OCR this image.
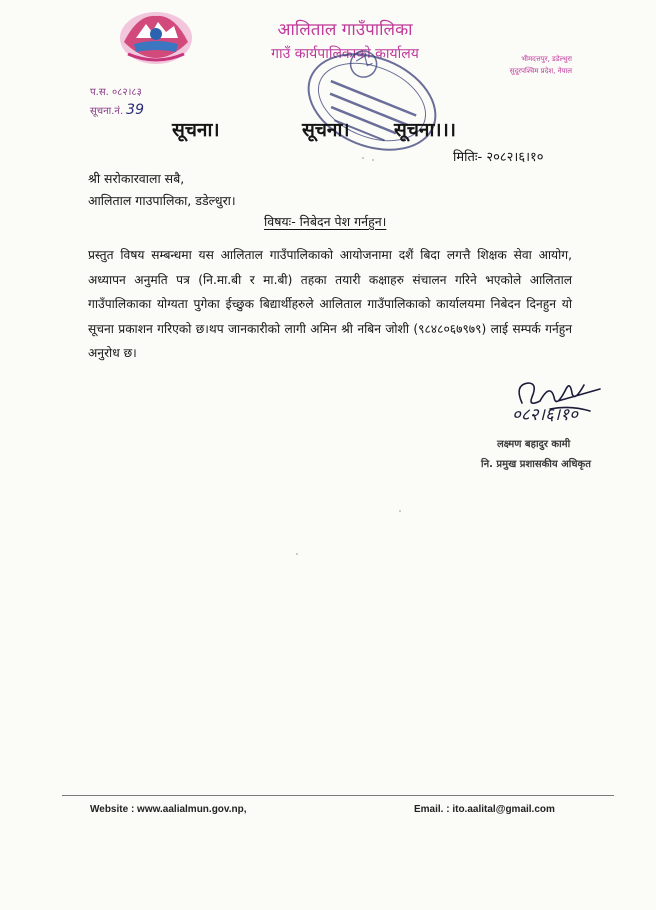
आलिताल गाउँपालिका
गाउँ कार्यपालिकाको कार्यालय	भीमदत्तपुर, डडेल्धुरा
सुदूरपश्चिम प्रदेश, नेपाल
प.स. ०८२।८३
सूचना.नं. 39
सूचना।	सूचना। सूचना।।।
मितिः- २०८२।६।१०
श्री सरोकारवाला सबै,
आलिताल गाउपालिका, डडेल्धुरा।
विषयः- निबेदन पेश गर्नहुन।
प्रस्तुत विषय सम्बन्धमा यस आलिताल गाउँपालिकाको आयोजनामा दशैं बिदा लगत्तै शिक्षक सेवा आयोग, अध्यापन अनुमति पत्र (नि.मा.बी र मा.बी) तहका तयारी कक्षाहरु संचालन गरिने भएकोले आलिताल गाउँपालिकाका योग्यता पुगेका ईच्छुक बिद्यार्थीहरुले आलिताल गाउँपालिकाको कार्यालयमा निबेदन दिनहुन यो सूचना प्रकाशन गरिएको छ।थप जानकारीको लागी अमिन श्री नबिन जोशी (९८४८०६७९७९) लाई सम्पर्क गर्नहुन अनुरोध छ।
०८२।६।१०
लक्ष्मण बहादुर कामी
नि. प्रमुख प्रशासकीय अधिकृत
Website : www.aalialmun.gov.np,	Email. : ito.aalital@gmail.com
